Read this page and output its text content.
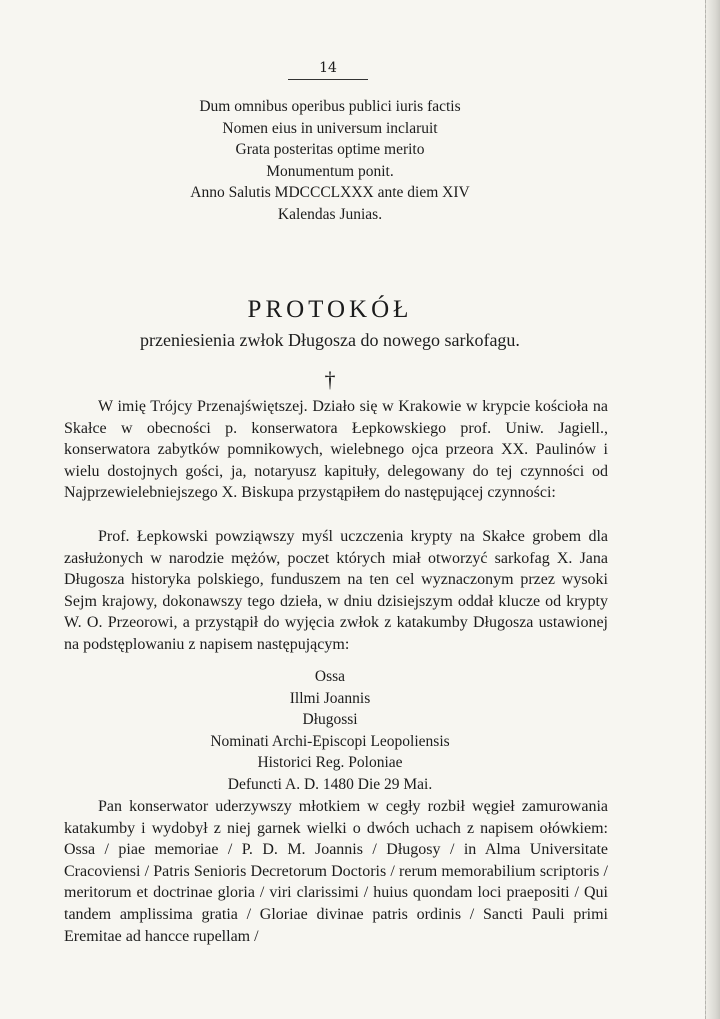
14
Dum omnibus operibus publici iuris factis
Nomen eius in universum inclaruit
Grata posteritas optime merito
Monumentum ponit.
Anno Salutis MDCCCLXXX ante diem XIV
Kalendas Junias.
PROTOKÓŁ
przeniesienia zwłok Długosza do nowego sarkofagu.
†

W imię Trójcy Przenajświętszej. Działo się w Krakowie w krypcie kościoła na Skałce w obecności p. konserwatora Łepkowskiego prof. Uniw. Jagiell., konserwatora zabytków pomnikowych, wielebnego ojca przeora XX. Paulinów i wielu dostojnych gości, ja, notaryusz kapituły, delegowany do tej czynności od Najprzewielebniejszego X. Biskupa przystąpiłem do następującej czynności:

Prof. Łepkowski powziąwszy myśl uczczenia krypty na Skałce grobem dla zasłużonych w narodzie mężów, poczet których miał otworzyć sarkofag X. Jana Długosza historyka polskiego, funduszem na ten cel wyznaczonym przez wysoki Sejm krajowy, dokonawszy tego dzieła, w dniu dzisiejszym oddał klucze od krypty W. O. Przeorowi, a przystąpił do wyjęcia zwłok z katakumby Długosza ustawionej na podstęplowaniu z napisem następującym:

Ossa
Illmi Joannis
Długossi
Nominati Archi-Episcopi Leopoliensis
Historici Reg. Poloniae
Defuncti A. D. 1480 Die 29 Mai.

Pan konserwator uderzywszy młotkiem w cegły rozbił węgieł zamurowania katakumby i wydobył z niej garnek wielki o dwóch uchach z napisem ołówkiem: Ossa / piae memoriae / P. D. M. Joannis / Długosy / in Alma Universitate Cracoviensi / Patris Senioris Decretorum Doctoris / rerum memorabilium scriptoris / meritorum et doctrinae gloria / viri clarissimi / huius quondam loci praepositi / Qui tandem amplissima gratia / Gloriae divinae patris ordinis / Sancti Pauli primi Eremitae ad hancce rupellam /
